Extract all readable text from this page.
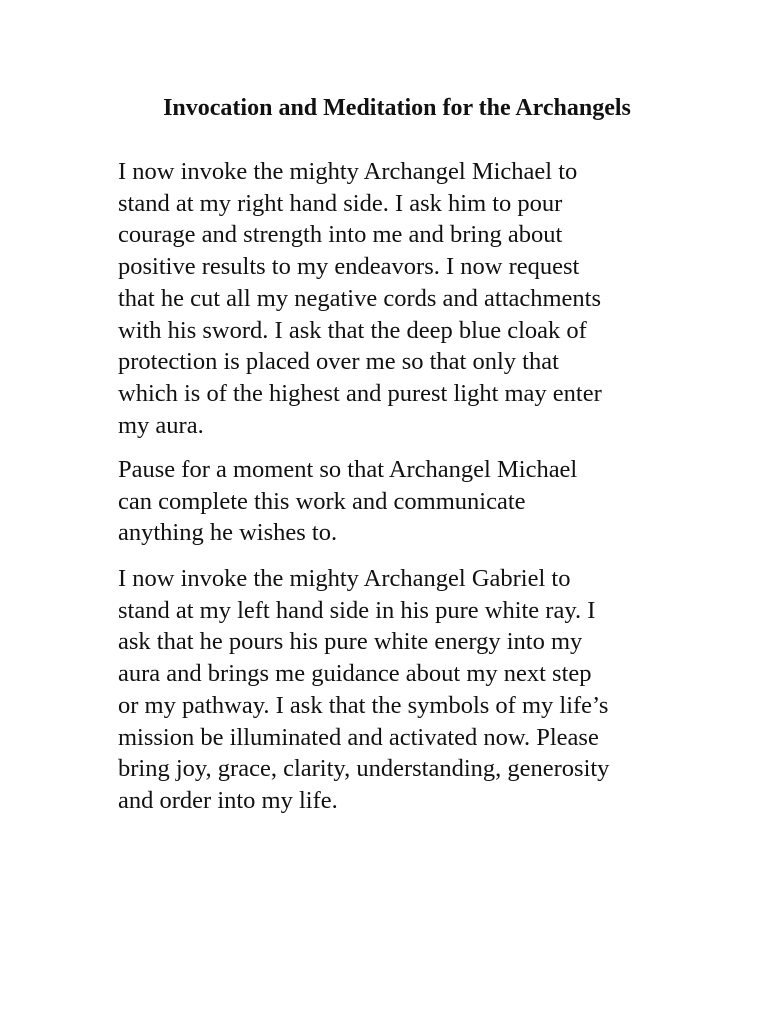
Invocation and Meditation for the Archangels

I now invoke the mighty Archangel Michael to
stand at my right hand side. I ask him to pour
courage and strength into me and bring about
positive results to my endeavors. I now request
that he cut all my negative cords and attachments
with his sword. I ask that the deep blue cloak of
protection is placed over me so that only that
which is of the highest and purest light may enter
my aura.

Pause for a moment so that Archangel Michael
can complete this work and communicate
anything he wishes to.

I now invoke the mighty Archangel Gabriel to
stand at my left hand side in his pure white ray. I
ask that he pours his pure white energy into my
aura and brings me guidance about my next step
or my pathway. I ask that the symbols of my life’s
mission be illuminated and activated now. Please
bring joy, grace, clarity, understanding, generosity
and order into my life.
